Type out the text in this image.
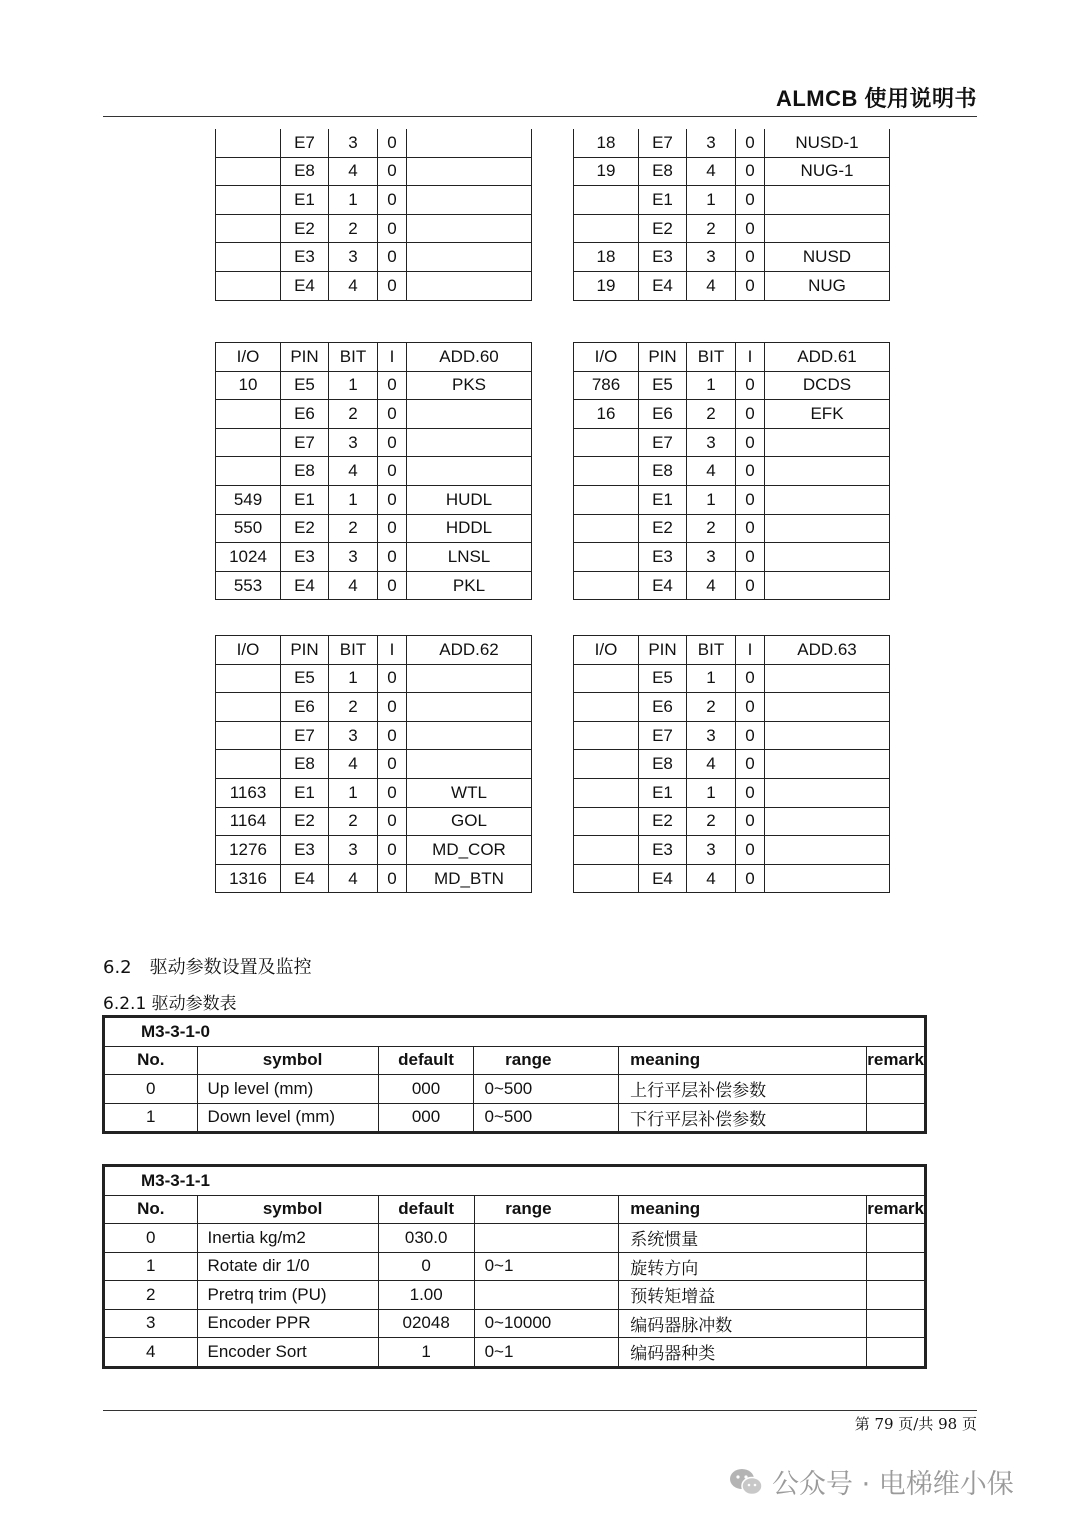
ALMCB 使用说明书
	E7	3	0	
	E8	4	0	
	E1	1	0	
	E2	2	0	
	E3	3	0	
	E4	4	0	
18	E7	3	0	NUSD-1
19	E8	4	0	NUG-1
	E1	1	0	
	E2	2	0	
18	E3	3	0	NUSD
19	E4	4	0	NUG
I/O	PIN	BIT	I	ADD.60
10	E5	1	0	PKS
	E6	2	0	
	E7	3	0	
	E8	4	0	
549	E1	1	0	HUDL
550	E2	2	0	HDDL
1024	E3	3	0	LNSL
553	E4	4	0	PKL
I/O	PIN	BIT	I	ADD.61
786	E5	1	0	DCDS
16	E6	2	0	EFK
	E7	3	0	
	E8	4	0	
	E1	1	0	
	E2	2	0	
	E3	3	0	
	E4	4	0	
I/O	PIN	BIT	I	ADD.62
	E5	1	0	
	E6	2	0	
	E7	3	0	
	E8	4	0	
1163	E1	1	0	WTL
1164	E2	2	0	GOL
1276	E3	3	0	MD_COR
1316	E4	4	0	MD_BTN
I/O	PIN	BIT	I	ADD.63
	E5	1	0	
	E6	2	0	
	E7	3	0	
	E8	4	0	
	E1	1	0	
	E2	2	0	
	E3	3	0	
	E4	4	0	
6.2　驱动参数设置及监控
6.2.1 驱动参数表
M3-3-1-0					
No.	symbol	default	range	meaning	remark
0	Up level (mm)	000	0~500	上行平层补偿参数	
1	Down level (mm)	000	0~500	下行平层补偿参数	
M3-3-1-1					
No.	symbol	default	range	meaning	remark
0	Inertia kg/m2	030.0		系统惯量	
1	Rotate dir 1/0	0	0~1	旋转方向	
2	Pretrq trim (PU)	1.00		预转矩增益	
3	Encoder PPR	02048	0~10000	编码器脉冲数	
4	Encoder Sort	1	0~1	编码器种类	
第 79 页/共 98 页
公众号 · 电梯维小保
